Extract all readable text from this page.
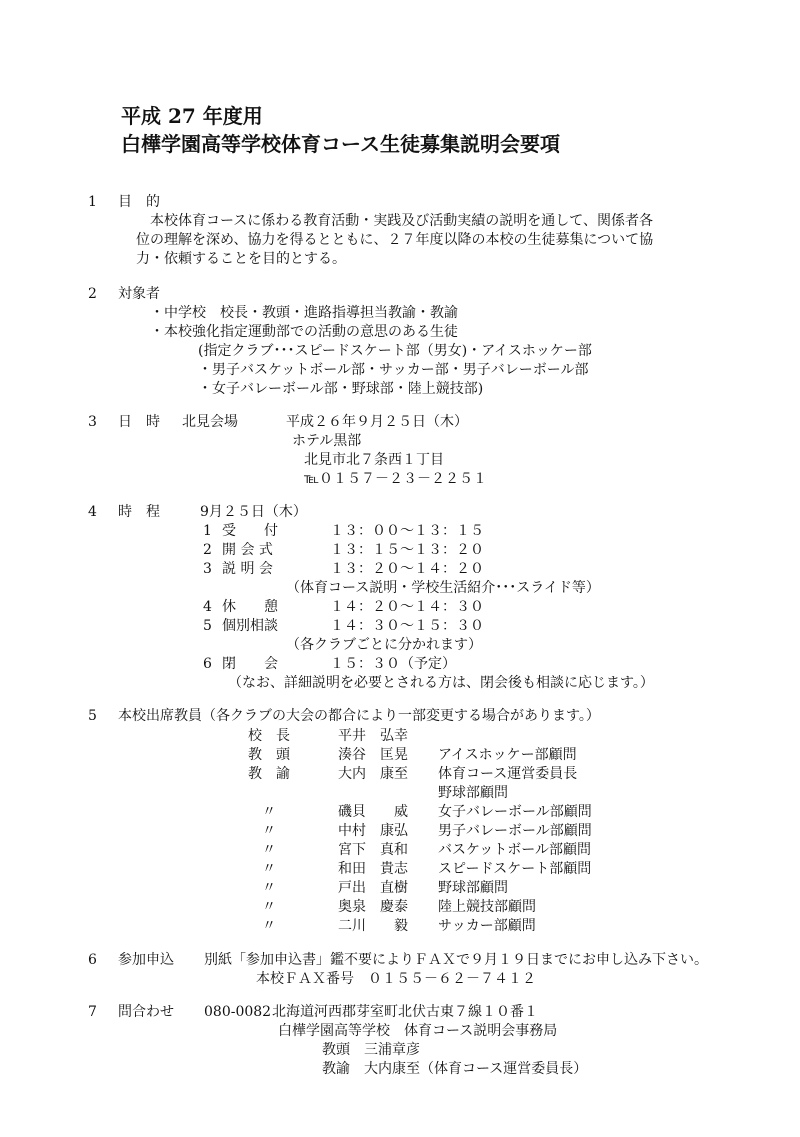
平成 27 年度用
白樺学園高等学校体育コース生徒募集説明会要項
1 目　的
本校体育コースに係わる教育活動・実践及び活動実績の説明を通して、関係者各
位の理解を深め、協力を得るとともに、２７年度以降の本校の生徒募集について協
力・依頼することを目的とする。
2 対象者
・中学校　校長・教頭・進路指導担当教諭・教諭
・本校強化指定運動部での活動の意思のある生徒
(指定クラブ･･･スピードスケート部（男女)・アイスホッケー部
・男子バスケットボール部・サッカー部・男子バレーボール部
・女子バレーボール部・野球部・陸上競技部)
3 日　時 北見会場	平成２６年９月２５日（木）
ホテル黒部
北見市北７条西１丁目
℡０１５７－２３－２２５１
4 時　程	9月２５日（木）
1 受　　付	１３：００～１３：１５
2 開 会 式	１３：１５～１３：２０
3 説 明 会	１３：２０～１４：２０
（体育コース説明・学校生活紹介･･･スライド等）
4 休　　憩	１４：２０～１４：３０
5 個別相談	１４：３０～１５：３０
（各クラブごとに分かれます）
6 閉　　会	１５：３０（予定）
（なお、詳細説明を必要とされる方は、閉会後も相談に応じます。）
5 本校出席教員（各クラブの大会の都合により一部変更する場合があります。）
校　長	平井　弘幸
教　頭	湊谷　匡晃 アイスホッケー部顧問
教　諭	大内　康至 体育コース運営委員長
野球部顧問
〃	磯貝　　威 女子バレーボール部顧問
〃	中村　康弘 男子バレーボール部顧問
〃	宮下　真和 バスケットボール部顧問
〃	和田　貴志 スピードスケート部顧問
〃	戸出　直樹 野球部顧問
〃	奥泉　慶泰 陸上競技部顧問
〃	二川　　毅 サッカー部顧問
6 参加申込 別紙「参加申込書」鑑不要によりＦＡＸで９月１９日までにお申し込み下さい。
本校ＦＡＸ番号　０１５５－６２－７４１２
7 問合わせ 080-0082 北海道河西郡芽室町北伏古東７線１０番１
白樺学園高等学校　体育コース説明会事務局
教頭　三浦章彦
教諭　大内康至（体育コース運営委員長）
